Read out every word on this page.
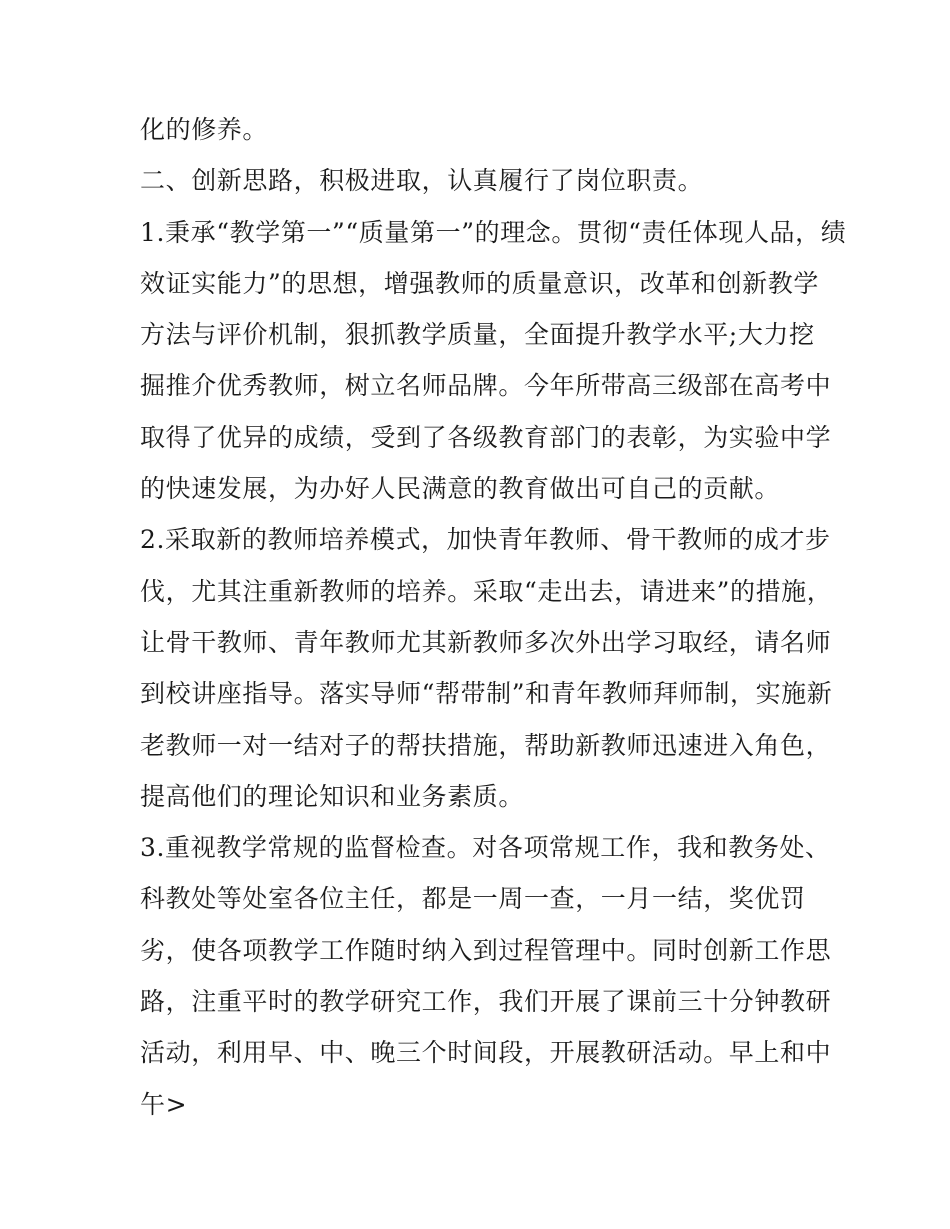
化的修养。

二、创新思路，积极进取，认真履行了岗位职责。

1.秉承“教学第一”“质量第一”的理念。贯彻“责任体现人品，绩

效证实能力”的思想，增强教师的质量意识，改革和创新教学

方法与评价机制，狠抓教学质量，全面提升教学水平;大力挖

掘推介优秀教师，树立名师品牌。今年所带高三级部在高考中

取得了优异的成绩，受到了各级教育部门的表彰，为实验中学

的快速发展，为办好人民满意的教育做出可自己的贡献。

2.采取新的教师培养模式，加快青年教师、骨干教师的成才步

伐，尤其注重新教师的培养。采取“走出去，请进来”的措施，

让骨干教师、青年教师尤其新教师多次外出学习取经，请名师

到校讲座指导。落实导师“帮带制”和青年教师拜师制，实施新

老教师一对一结对子的帮扶措施，帮助新教师迅速进入角色，

提高他们的理论知识和业务素质。

3.重视教学常规的监督检查。对各项常规工作，我和教务处、

科教处等处室各位主任，都是一周一查，一月一结，奖优罚

劣，使各项教学工作随时纳入到过程管理中。同时创新工作思

路，注重平时的教学研究工作，我们开展了课前三十分钟教研

活动，利用早、中、晚三个时间段，开展教研活动。早上和中

午>
